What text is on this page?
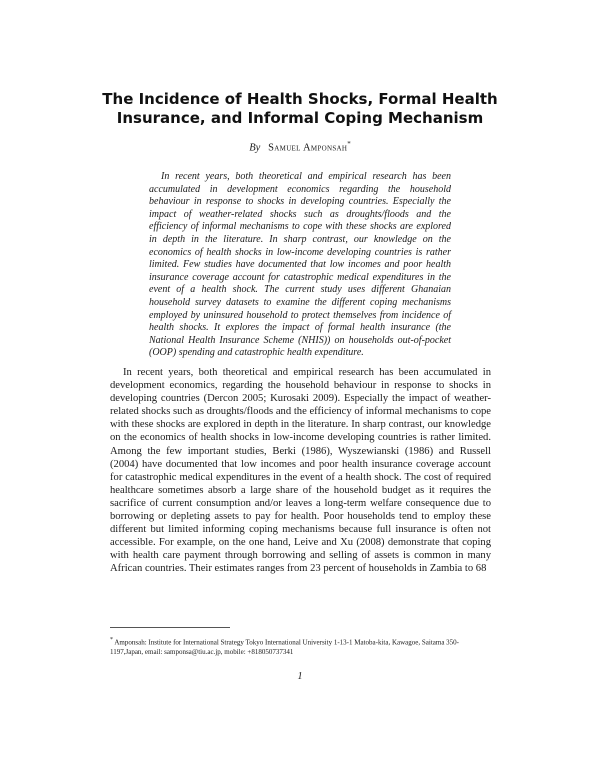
The Incidence of Health Shocks, Formal Health Insurance, and Informal Coping Mechanism
By Samuel Amponsah*
In recent years, both theoretical and empirical research has been accumulated in development economics regarding the household behaviour in response to shocks in developing countries. Especially the impact of weather-related shocks such as droughts/floods and the efficiency of informal mechanisms to cope with these shocks are explored in depth in the literature. In sharp contrast, our knowledge on the economics of health shocks in low-income developing countries is rather limited. Few studies have documented that low incomes and poor health insurance coverage account for catastrophic medical expenditures in the event of a health shock. The current study uses different Ghanaian household survey datasets to examine the different coping mechanisms employed by uninsured household to protect themselves from incidence of health shocks. It explores the impact of formal health insurance (the National Health Insurance Scheme (NHIS)) on households out-of-pocket (OOP) spending and catastrophic health expenditure.
In recent years, both theoretical and empirical research has been accumulated in development economics, regarding the household behaviour in response to shocks in developing countries (Dercon 2005; Kurosaki 2009). Especially the impact of weather-related shocks such as droughts/floods and the efficiency of informal mechanisms to cope with these shocks are explored in depth in the literature. In sharp contrast, our knowledge on the economics of health shocks in low-income developing countries is rather limited. Among the few important studies, Berki (1986), Wyszewianski (1986) and Russell (2004) have documented that low incomes and poor health insurance coverage account for catastrophic medical expenditures in the event of a health shock. The cost of required healthcare sometimes absorb a large share of the household budget as it requires the sacrifice of current consumption and/or leaves a long-term welfare consequence due to borrowing or depleting assets to pay for health. Poor households tend to employ these different but limited informing coping mechanisms because full insurance is often not accessible. For example, on the one hand, Leive and Xu (2008) demonstrate that coping with health care payment through borrowing and selling of assets is common in many African countries. Their estimates ranges from 23 percent of households in Zambia to 68
* Amponsah: Institute for International Strategy Tokyo International University 1-13-1 Matoba-kita, Kawagoe, Saitama 350-1197,Japan, email: samponsa@tiu.ac.jp, mobile: +818050737341
1
